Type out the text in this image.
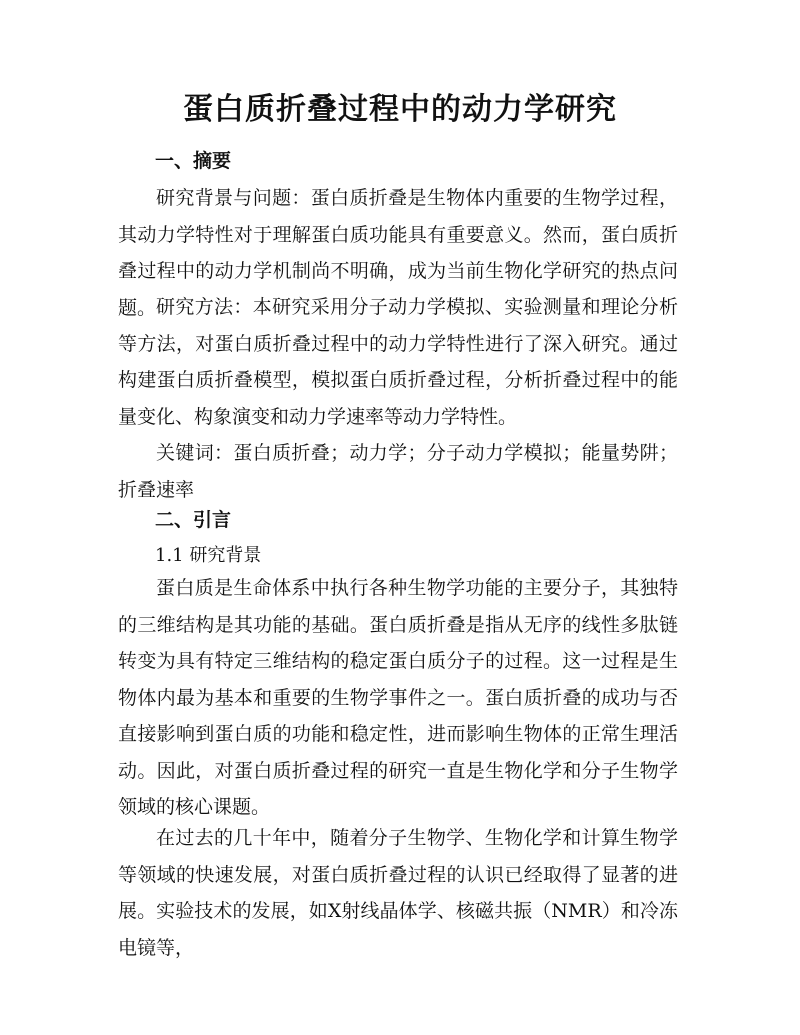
蛋白质折叠过程中的动力学研究
一、摘要

研究背景与问题：蛋白质折叠是生物体内重要的生物学过程，其动力学特性对于理解蛋白质功能具有重要意义。然而，蛋白质折叠过程中的动力学机制尚不明确，成为当前生物化学研究的热点问题。 研究方法：本研究采用分子动力学模拟、实验测量和理论分析等方法，对蛋白质折叠过程中的动力学特性进行了深入研究。通过构建蛋白质折叠模型，模拟蛋白质折叠过程，分析折叠过程中的能量变化、构象演变和动力学速率等动力学特性。

关键词：蛋白质折叠；动力学；分子动力学模拟；能量势阱；折叠速率

二、引言
1.1 研究背景

蛋白质是生命体系中执行各种生物学功能的主要分子，其独特的三维结构是其功能的基础。蛋白质折叠是指从无序的线性多肽链转变为具有特定三维结构的稳定蛋白质分子的过程。这一过程是生物体内最为基本和重要的生物学事件之一。蛋白质折叠的成功与否直接影响到蛋白质的功能和稳定性，进而影响生物体的正常生理活动。因此，对蛋白质折叠过程的研究一直是生物化学和分子生物学领域的核心课题。

在过去的几十年中，随着分子生物学、生物化学和计算生物学等领域的快速发展，对蛋白质折叠过程的认识已经取得了显著的进展。实验技术的发展，如X射线晶体学、核磁共振（NMR）和冷冻电镜等，
